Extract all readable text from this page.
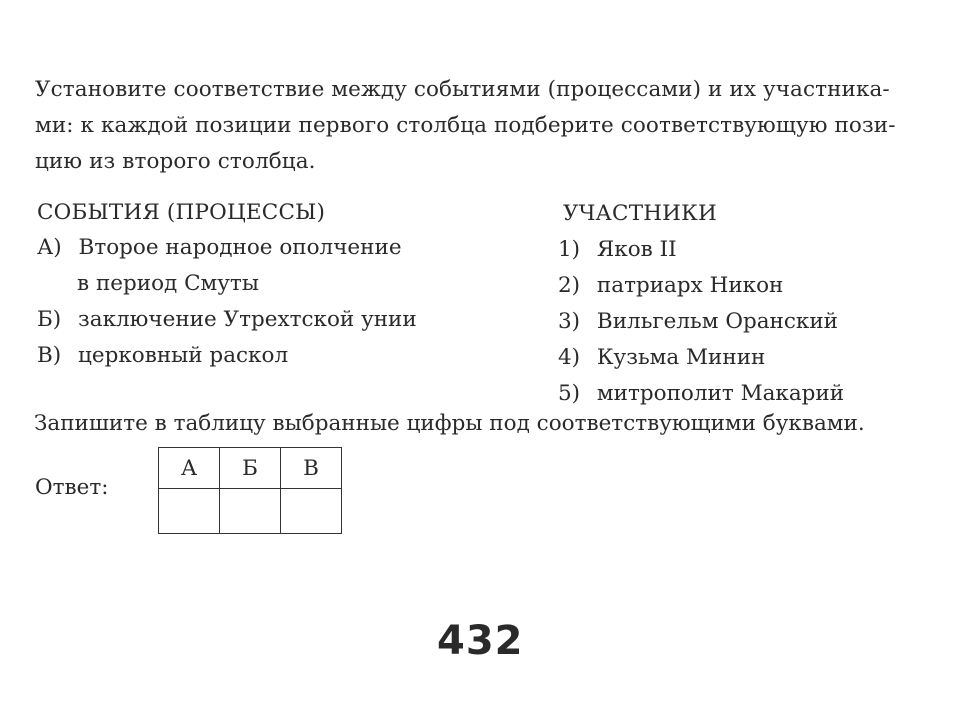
Установите соответствие между событиями (процессами) и их участника-
ми: к каждой позиции первого столбца подберите соответствующую пози-
цию из второго столбца.
СОБЫТИЯ (ПРОЦЕССЫ)
А) Второе народное ополчение
в период Смуты
Б) заключение Утрехтской унии
В) церковный раскол
УЧАСТНИКИ
1) Яков II
2) патриарх Никон
3) Вильгельм Оранский
4) Кузьма Минин
5) митрополит Макарий
Запишите в таблицу выбранные цифры под соответствующими буквами.
Ответ:
А	Б	В

432
